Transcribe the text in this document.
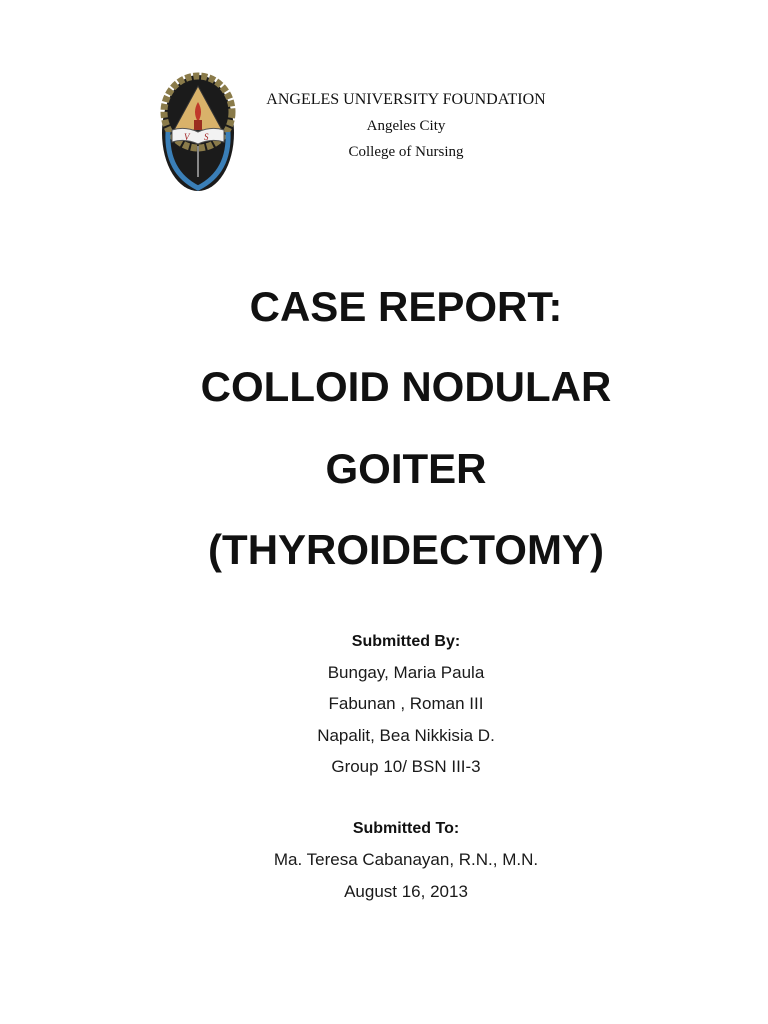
V S
ANGELES UNIVERSITY FOUNDATION
Angeles City
College of Nursing
CASE REPORT:
COLLOID NODULAR
GOITER
(THYROIDECTOMY)
Submitted By:
Bungay, Maria Paula
Fabunan , Roman III
Napalit, Bea Nikkisia D.
Group 10/ BSN III-3
Submitted To:
Ma. Teresa Cabanayan, R.N., M.N.
August 16, 2013
